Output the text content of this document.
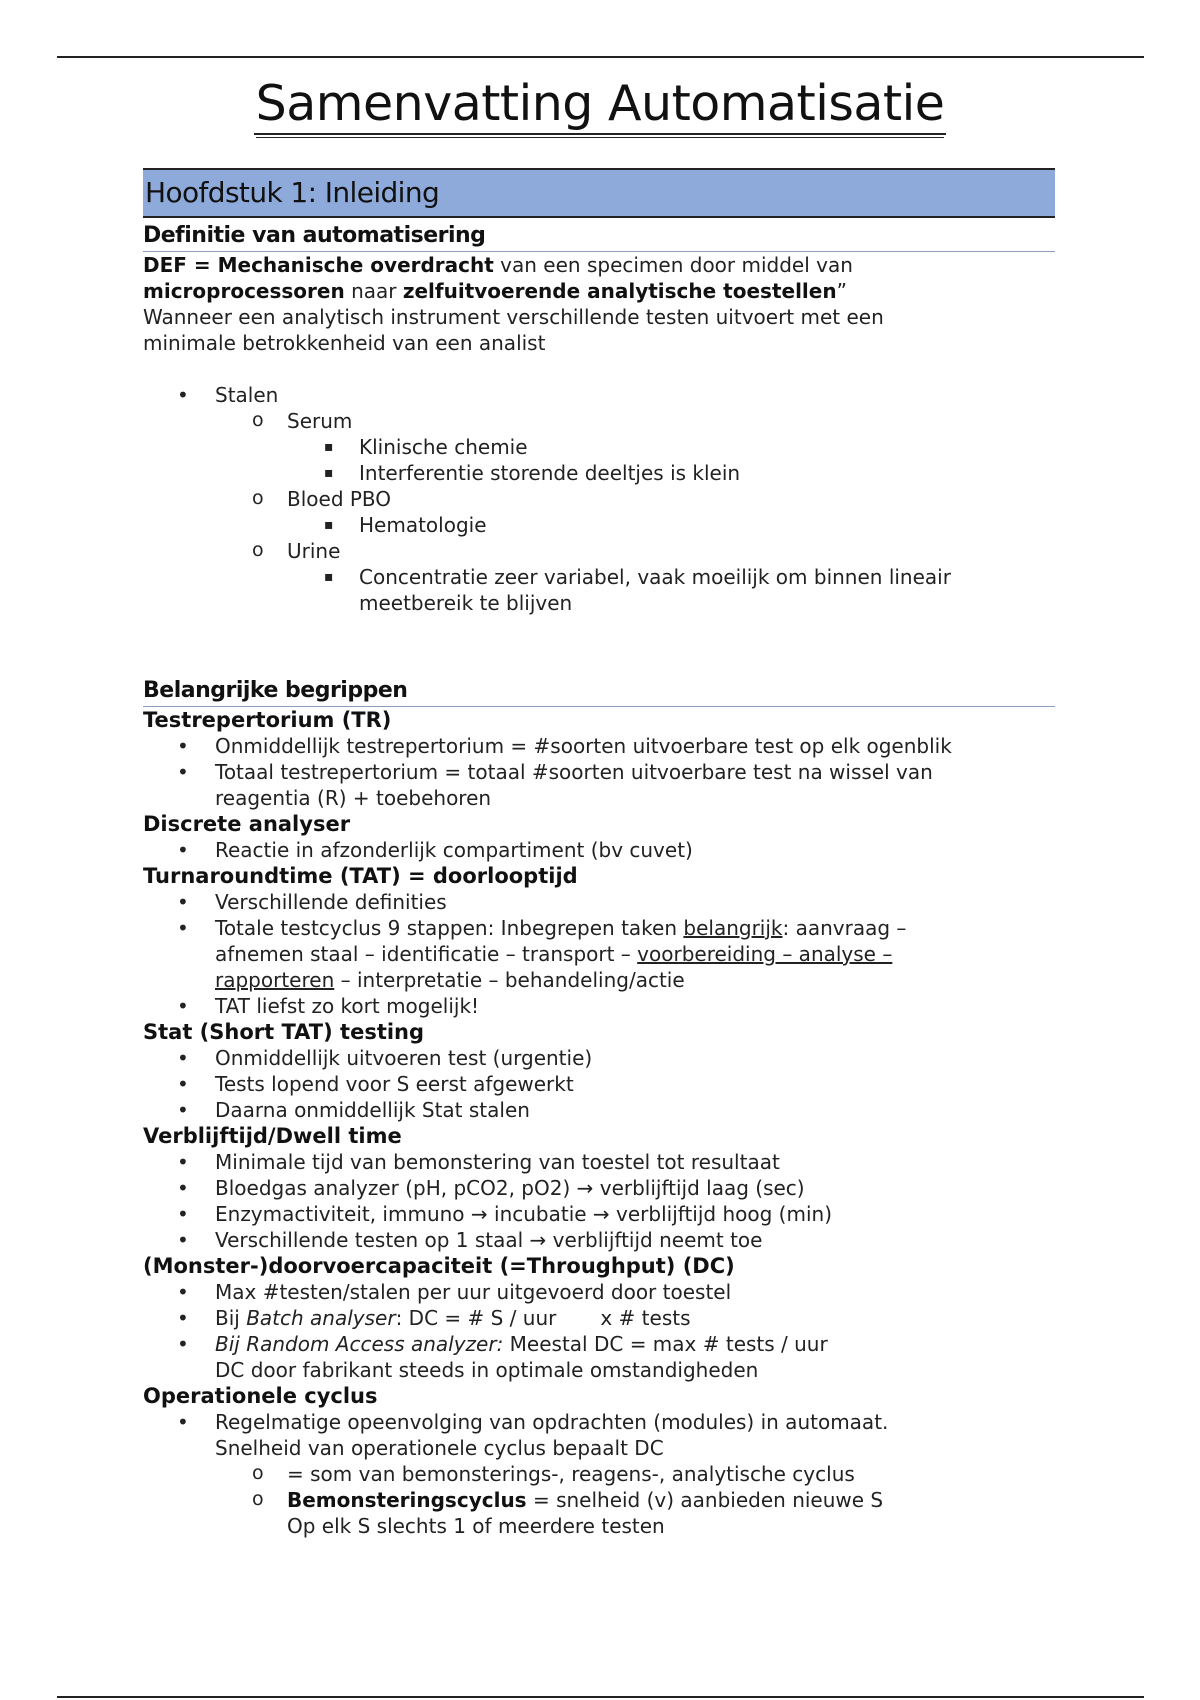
Samenvatting Automatisatie
Hoofdstuk 1: Inleiding
Definitie van automatisering

DEF = Mechanische overdracht van een specimen door middel van

microprocessoren naar zelfuitvoerende analytische toestellen”

Wanneer een analytisch instrument verschillende testen uitvoert met een

minimale betrokkenheid van een analist

• Stalen
o Serum
▪ Klinische chemie
▪ Interferentie storende deeltjes is klein
o Bloed PBO
▪ Hematologie
o Urine
▪ Concentratie zeer variabel, vaak moeilijk om binnen lineair
meetbereik te blijven
Belangrijke begrippen

Testrepertorium (TR)

• Onmiddellijk testrepertorium = #soorten uitvoerbare test op elk ogenblik
• Totaal testrepertorium = totaal #soorten uitvoerbare test na wissel van
reagentia (R) + toebehoren

Discrete analyser

• Reactie in afzonderlijk compartiment (bv cuvet)

Turnaroundtime (TAT) = doorlooptijd

• Verschillende definities
• Totale testcyclus 9 stappen: Inbegrepen taken belangrijk: aanvraag –
afnemen staal – identificatie – transport – voorbereiding – analyse –
rapporteren – interpretatie – behandeling/actie
• TAT liefst zo kort mogelijk!

Stat (Short TAT) testing

• Onmiddellijk uitvoeren test (urgentie)
• Tests lopend voor S eerst afgewerkt
• Daarna onmiddellijk Stat stalen

Verblijftijd/Dwell time

• Minimale tijd van bemonstering van toestel tot resultaat
• Bloedgas analyzer (pH, pCO2, pO2) → verblijftijd laag (sec)
• Enzymactiviteit, immuno → incubatie → verblijftijd hoog (min)
• Verschillende testen op 1 staal → verblijftijd neemt toe

(Monster-)doorvoercapaciteit (=Throughput) (DC)

• Max #testen/stalen per uur uitgevoerd door toestel
• Bij Batch analyser: DC = # S / uur x # tests
• Bij Random Access analyzer: Meestal DC = max # tests / uur
DC door fabrikant steeds in optimale omstandigheden

Operationele cyclus

• Regelmatige opeenvolging van opdrachten (modules) in automaat.
Snelheid van operationele cyclus bepaalt DC
o = som van bemonsterings-, reagens-, analytische cyclus
o Bemonsteringscyclus = snelheid (v) aanbieden nieuwe S
Op elk S slechts 1 of meerdere testen
